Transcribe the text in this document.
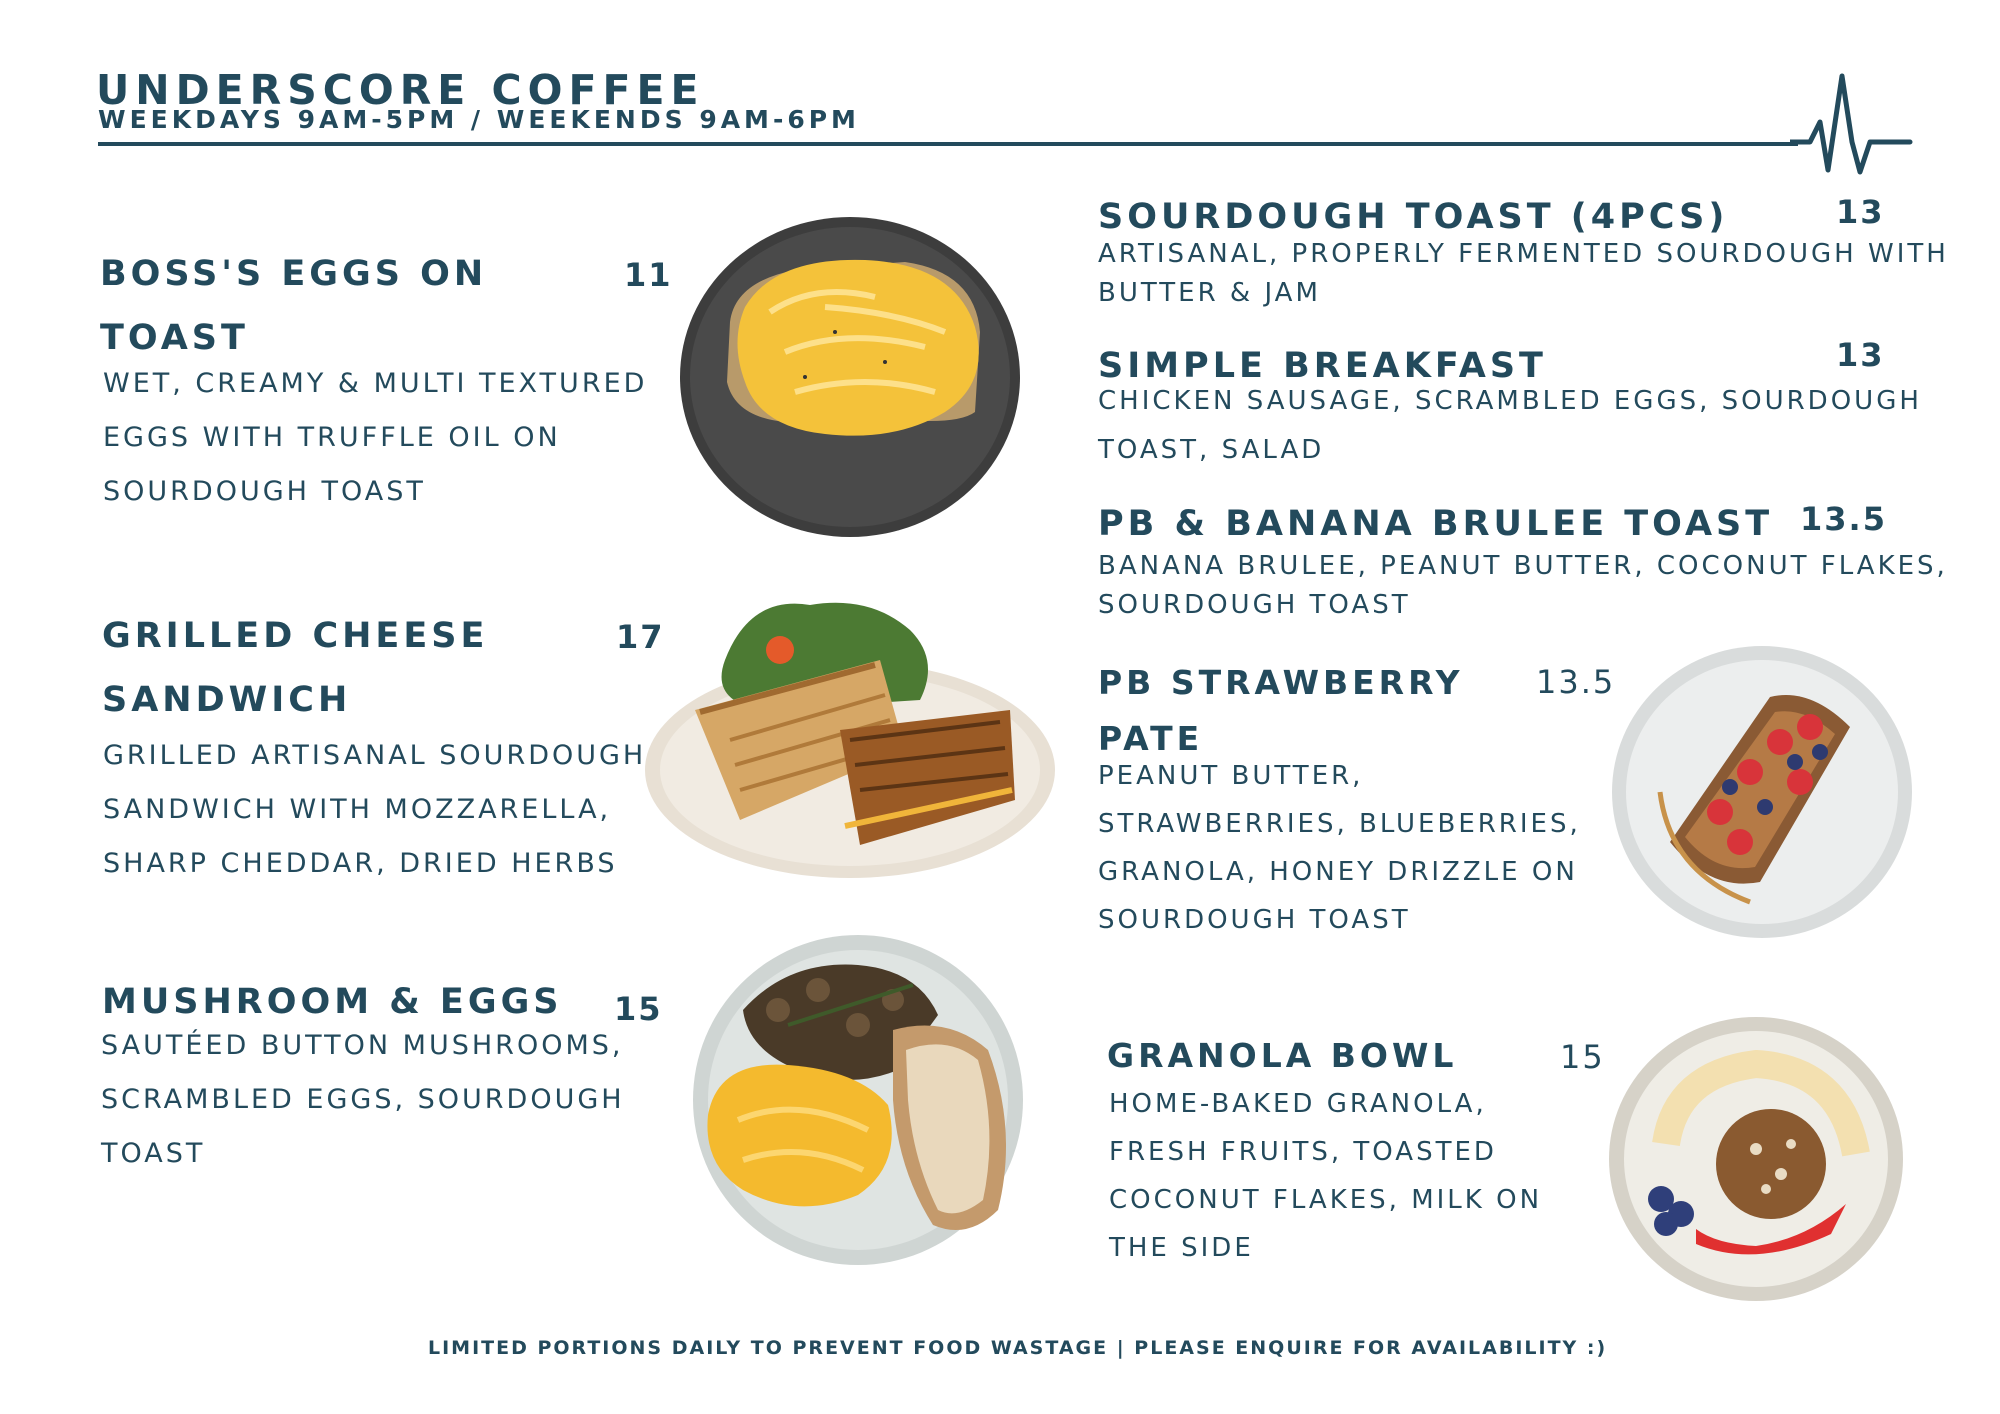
UNDERSCORE COFFEE
WEEKDAYS 9AM-5PM / WEEKENDS 9AM-6PM
BOSS'S EGGS ON
TOAST
11
WET, CREAMY & MULTI TEXTURED
EGGS WITH TRUFFLE OIL ON
SOURDOUGH TOAST
GRILLED CHEESE
SANDWICH
17
GRILLED ARTISANAL SOURDOUGH
SANDWICH WITH MOZZARELLA,
SHARP CHEDDAR, DRIED HERBS
MUSHROOM & EGGS 15
SAUTÉED BUTTON MUSHROOMS,
SCRAMBLED EGGS, SOURDOUGH
TOAST
SOURDOUGH TOAST (4PCS)	13
ARTISANAL, PROPERLY FERMENTED SOURDOUGH WITH
BUTTER & JAM
SIMPLE BREAKFAST	13
CHICKEN SAUSAGE, SCRAMBLED EGGS, SOURDOUGH
TOAST, SALAD
PB & BANANA BRULEE TOAST 13.5
BANANA BRULEE, PEANUT BUTTER, COCONUT FLAKES,
SOURDOUGH TOAST
PB STRAWBERRY
PATE
13.5
PEANUT BUTTER,
STRAWBERRIES, BLUEBERRIES,
GRANOLA, HONEY DRIZZLE ON
SOURDOUGH TOAST
GRANOLA BOWL	15
HOME-BAKED GRANOLA,
FRESH FRUITS, TOASTED
COCONUT FLAKES, MILK ON
THE SIDE
LIMITED PORTIONS DAILY TO PREVENT FOOD WASTAGE | PLEASE ENQUIRE FOR AVAILABILITY :)
